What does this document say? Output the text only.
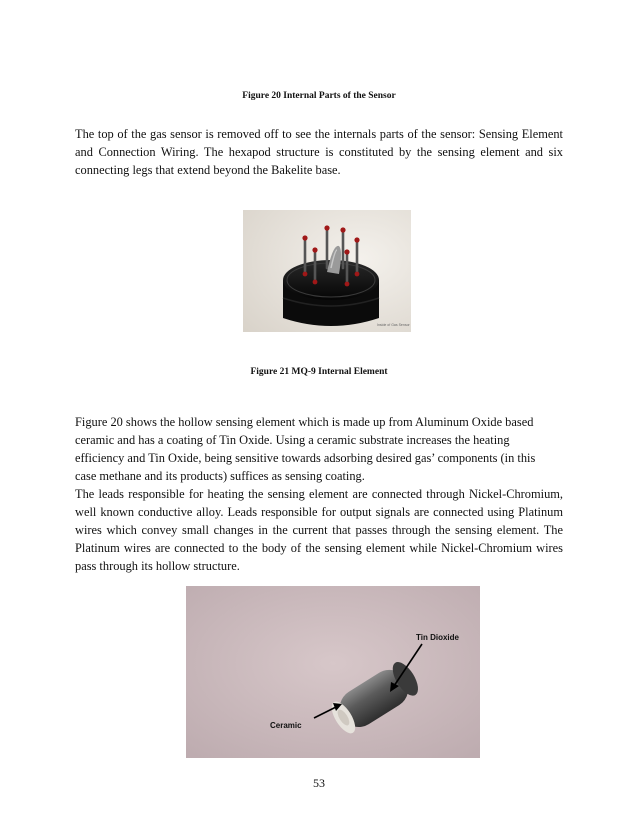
Figure 20 Internal Parts of the Sensor

The top of the gas sensor is removed off to see the internals parts of the sensor: Sensing Element and Connection Wiring. The hexapod structure is constituted by the sensing element and six connecting legs that extend beyond the Bakelite base.

Inside of Gas Sensor
Figure 21 MQ-9 Internal Element

Figure 20 shows the hollow sensing element which is made up from Aluminum Oxide based
ceramic and has a coating of Tin Oxide. Using a ceramic substrate increases the heating
efficiency and Tin Oxide, being sensitive towards adsorbing desired gas’ components (in this
case methane and its products) suffices as sensing coating.

The leads responsible for heating the sensing element are connected through Nickel-Chromium, well known conductive alloy. Leads responsible for output signals are connected using Platinum wires which convey small changes in the current that passes through the sensing element. The Platinum wires are connected to the body of the sensing element while Nickel-Chromium wires pass through its hollow structure.

Tin Dioxide
Ceramic
53
